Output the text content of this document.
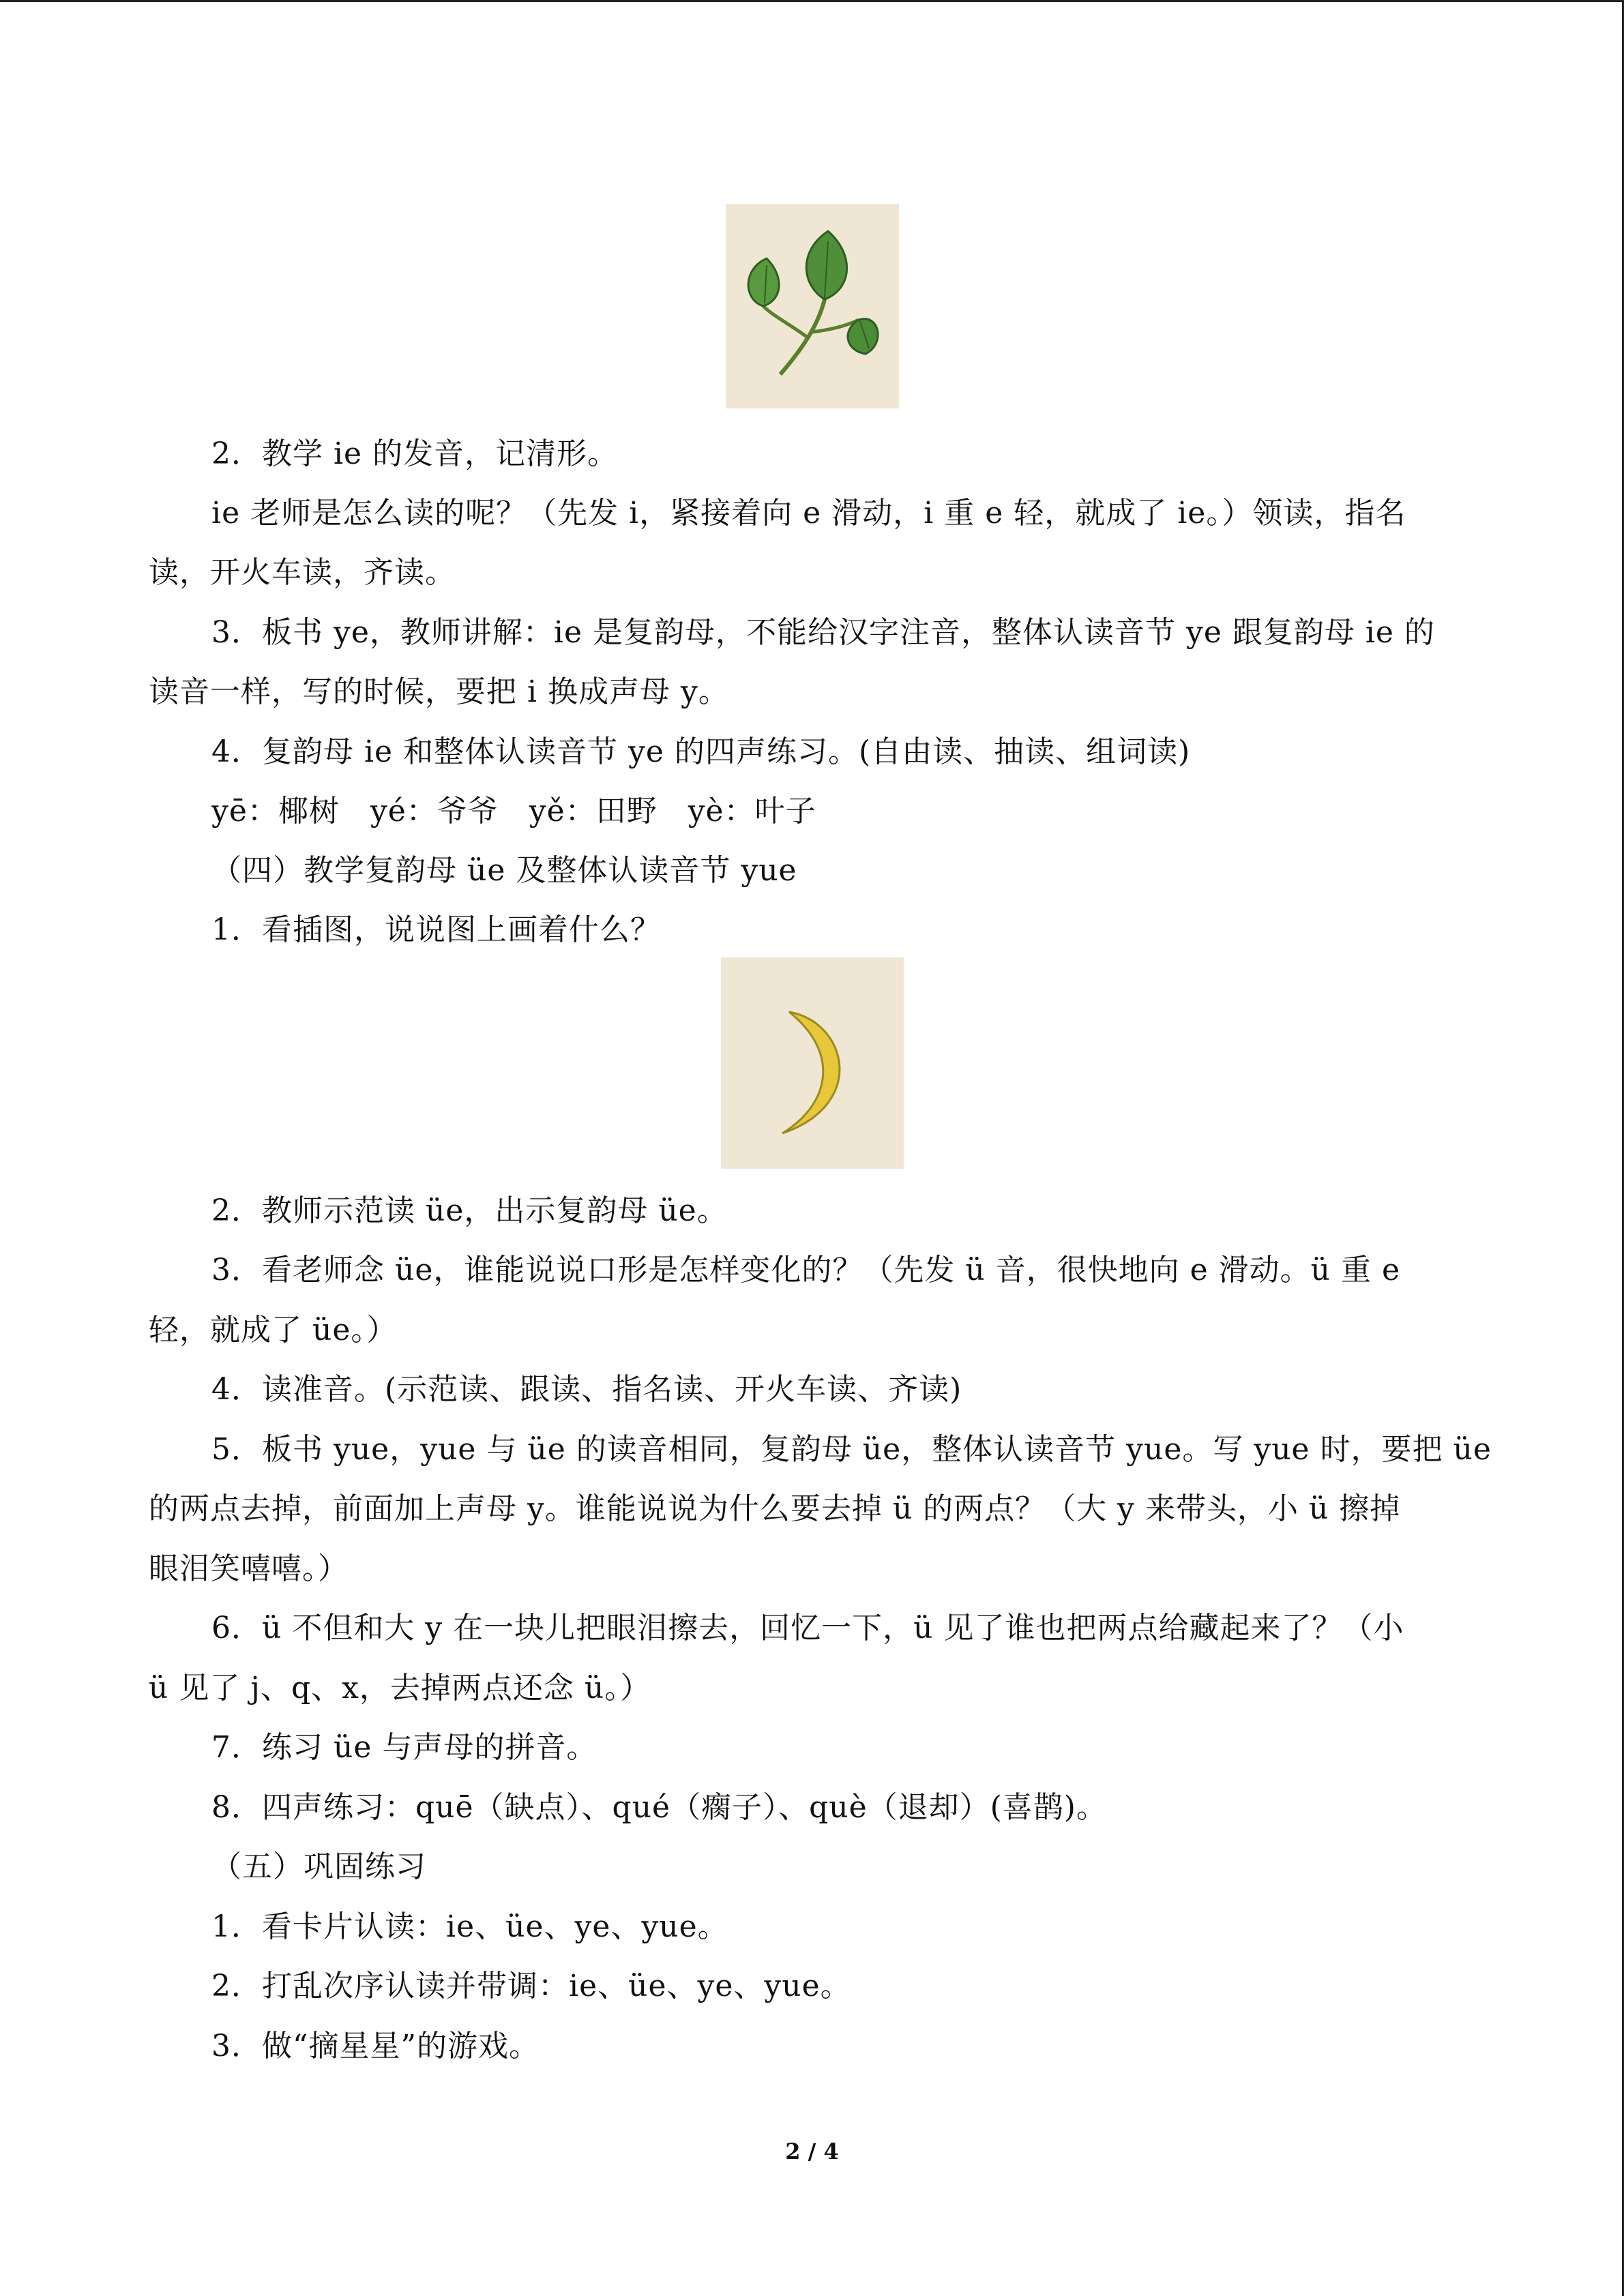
2．教学 ie 的发音，记清形。
ie 老师是怎么读的呢？（先发 i，紧接着向 e 滑动，i 重 e 轻，就成了 ie。）领读，指名
读，开火车读，齐读。
3．板书 ye，教师讲解：ie 是复韵母，不能给汉字注音，整体认读音节 ye 跟复韵母 ie 的
读音一样，写的时候，要把 i 换成声母 y。
4．复韵母 ie 和整体认读音节 ye 的四声练习。(自由读、抽读、组词读)
yē：椰树　yé：爷爷　yě：田野　yè：叶子
（四）教学复韵母 üe 及整体认读音节 yue
1．看插图，说说图上画着什么？
2．教师示范读 üe，出示复韵母 üe。
3．看老师念 üe，谁能说说口形是怎样变化的？（先发 ü 音，很快地向 e 滑动。ü 重 e
轻，就成了 üe。）
4．读准音。(示范读、跟读、指名读、开火车读、齐读)
5．板书 yue，yue 与 üe 的读音相同，复韵母 üe，整体认读音节 yue。写 yue 时，要把 üe
的两点去掉，前面加上声母 y。谁能说说为什么要去掉 ü 的两点？（大 y 来带头，小 ü 擦掉
眼泪笑嘻嘻。）
6．ü 不但和大 y 在一块儿把眼泪擦去，回忆一下，ü 见了谁也把两点给藏起来了？（小
ü 见了 j、q、x，去掉两点还念 ü。）
7．练习 üe 与声母的拼音。
8．四声练习：quē（缺点）、qué（瘸子）、què（退却）(喜鹊)。
（五）巩固练习
1．看卡片认读：ie、üe、ye、yue。
2．打乱次序认读并带调：ie、üe、ye、yue。
3．做“摘星星”的游戏。
2 / 4
